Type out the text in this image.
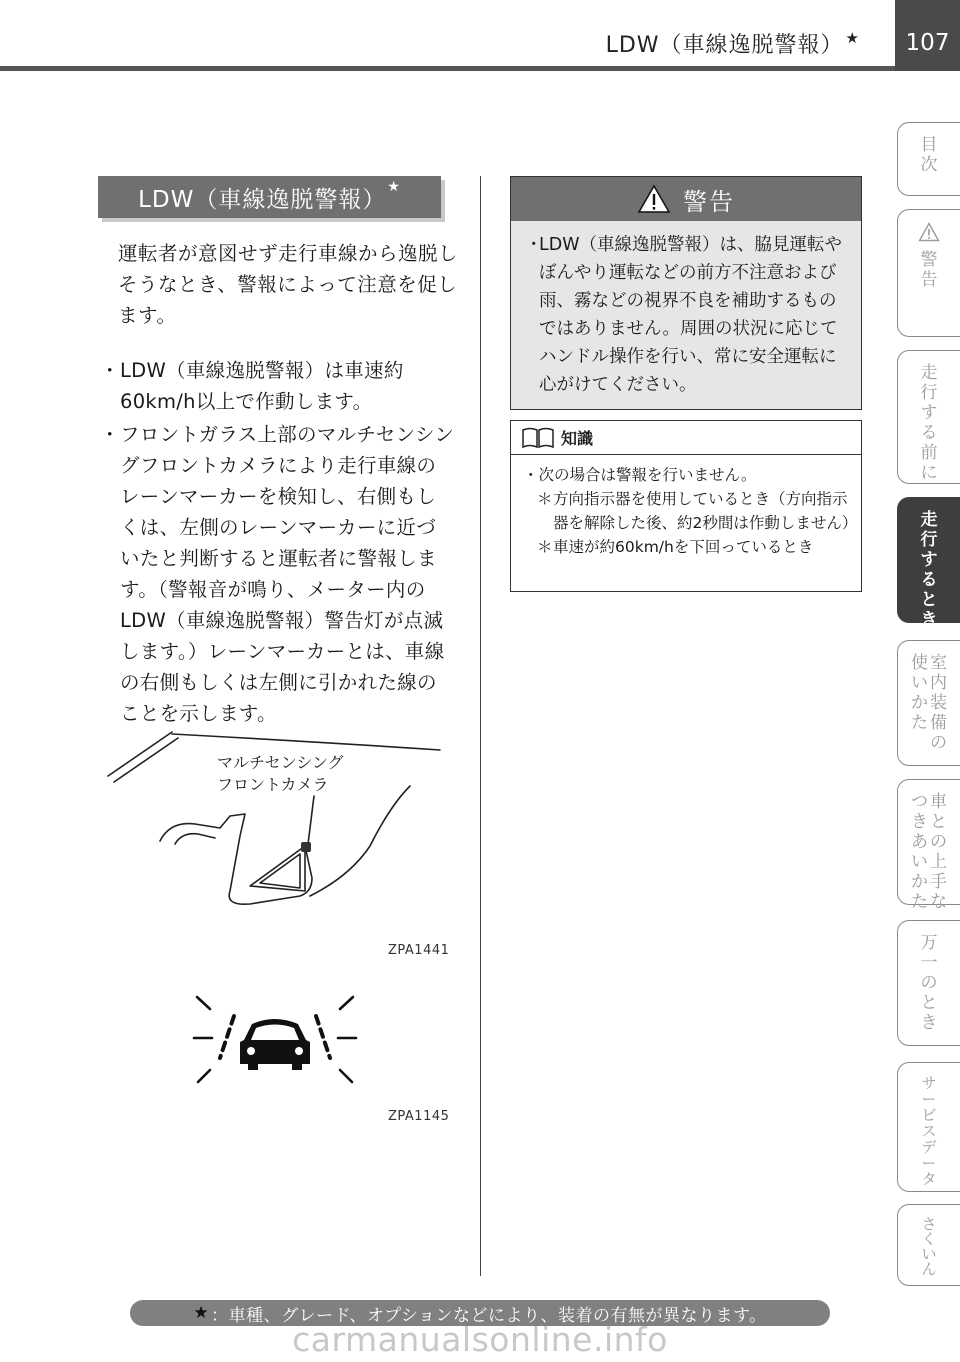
LDW（車線逸脱警報） ★	107
LDW（車線逸脱警報） ★

運転者が意図せず走行車線から逸脱しそうなとき、警報によって注意を促します。

・ LDW（車線逸脱警報）は車速約60km/h以上で作動します。
・ フロントガラス上部のマルチセンシングフロントカメラにより走行車線のレーンマーカーを検知し、右側もしくは、左側のレーンマーカーに近づいたと判断すると運転者に警報します。（警報音が鳴り、メーター内のLDW（車線逸脱警報）警告灯が点滅します。）レーンマーカーとは、車線の右側もしくは左側に引かれた線のことを示します。
マルチセンシング
フロントカメラ
ZPA1441
ZPA1145
警告
・
LDW（車線逸脱警報）は、脇見運転やぼんやり運転などの前方不注意および雨、霧などの視界不良を補助するものではありません。周囲の状況に応じてハンドル操作を行い、常に安全運転に心がけてください。
知識
・次の場合は警報を行いません。
＊ 方向指示器を使用しているとき（方向指示器を解除した後、約2秒間は作動しません）
＊ 車速が約60km/hを下回っているとき
目
次
警
告
走
行
す
る
前
に
走
行
す
る
と
き
使
い
か
た
室
内
装
備
の
つ
き
あ
い
か
た
車
と
の
上
手
な
万
一
の
と
き
サ
ー
ビ
ス
デ
ー
タ
さ
く
い
ん
★ ：車種、グレード、オプションなどにより、装着の有無が異なります。
carmanualsonline.info
